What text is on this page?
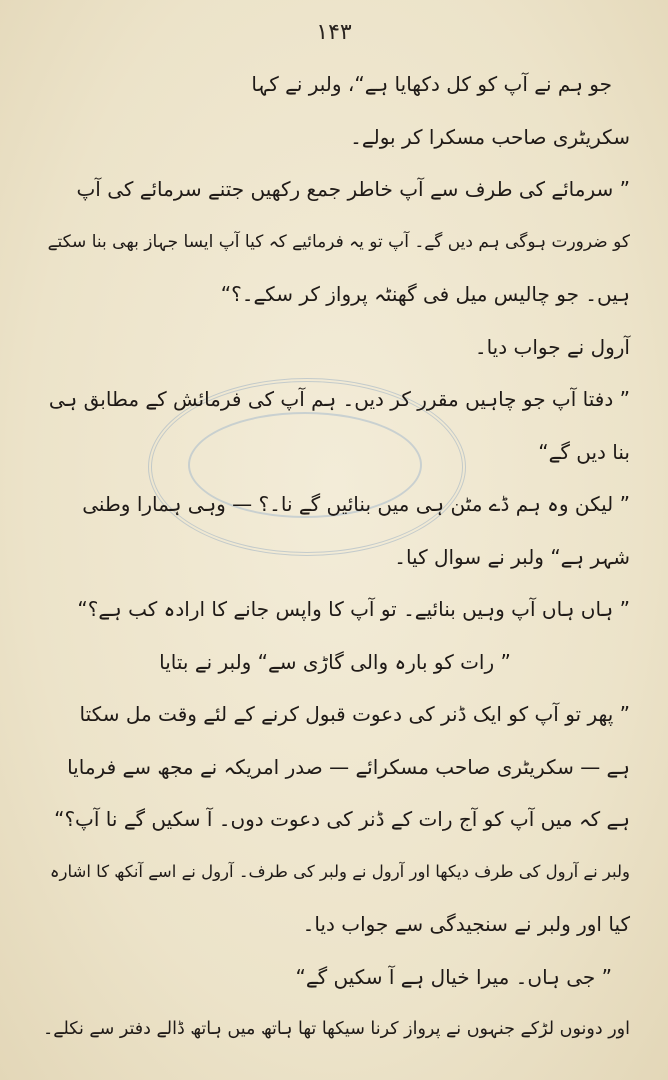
۱۴۳
جو ہم نے آپ کو کل دکھایا ہے“، ولبر نے کہا
سکریٹری صاحب مسکرا کر بولے۔
” سرمائے کی طرف سے آپ خاطر جمع رکھیں جتنے سرمائے کی آپ
کو ضرورت ہوگی ہم دیں گے۔ آپ تو یہ فرمائیے کہ کیا آپ ایسا جہاز بھی بنا سکتے
ہیں۔ جو چالیس میل فی گھنٹہ پرواز کر سکے۔؟“
آرول نے جواب دیا۔
” دفتا آپ جو چاہیں مقرر کر دیں۔ ہم آپ کی فرمائش کے مطابق ہی
بنا دیں گے“
” لیکن وہ ہم ڈے مٹن ہی میں بنائیں گے نا۔؟ — وہی ہمارا وطنی
شہر ہے“ ولبر نے سوال کیا۔
” ہاں ہاں آپ وہیں بنائیے۔ تو آپ کا واپس جانے کا ارادہ کب ہے؟“
” رات کو بارہ والی گاڑی سے“ ولبر نے بتایا
” پھر تو آپ کو ایک ڈنر کی دعوت قبول کرنے کے لئے وقت مل سکتا
ہے — سکریٹری صاحب مسکرائے — صدر امریکہ نے مجھ سے فرمایا
ہے کہ میں آپ کو آج رات کے ڈنر کی دعوت دوں۔ آ سکیں گے نا آپ؟“
ولبر نے آرول کی طرف دیکھا اور آرول نے ولبر کی طرف۔ آرول نے اسے آنکھ کا اشارہ
کیا اور ولبر نے سنجیدگی سے جواب دیا۔
” جی ہاں۔ میرا خیال ہے آ سکیں گے“
اور دونوں لڑکے جنہوں نے پرواز کرنا سیکھا تھا ہاتھ میں ہاتھ ڈالے دفتر سے نکلے۔
